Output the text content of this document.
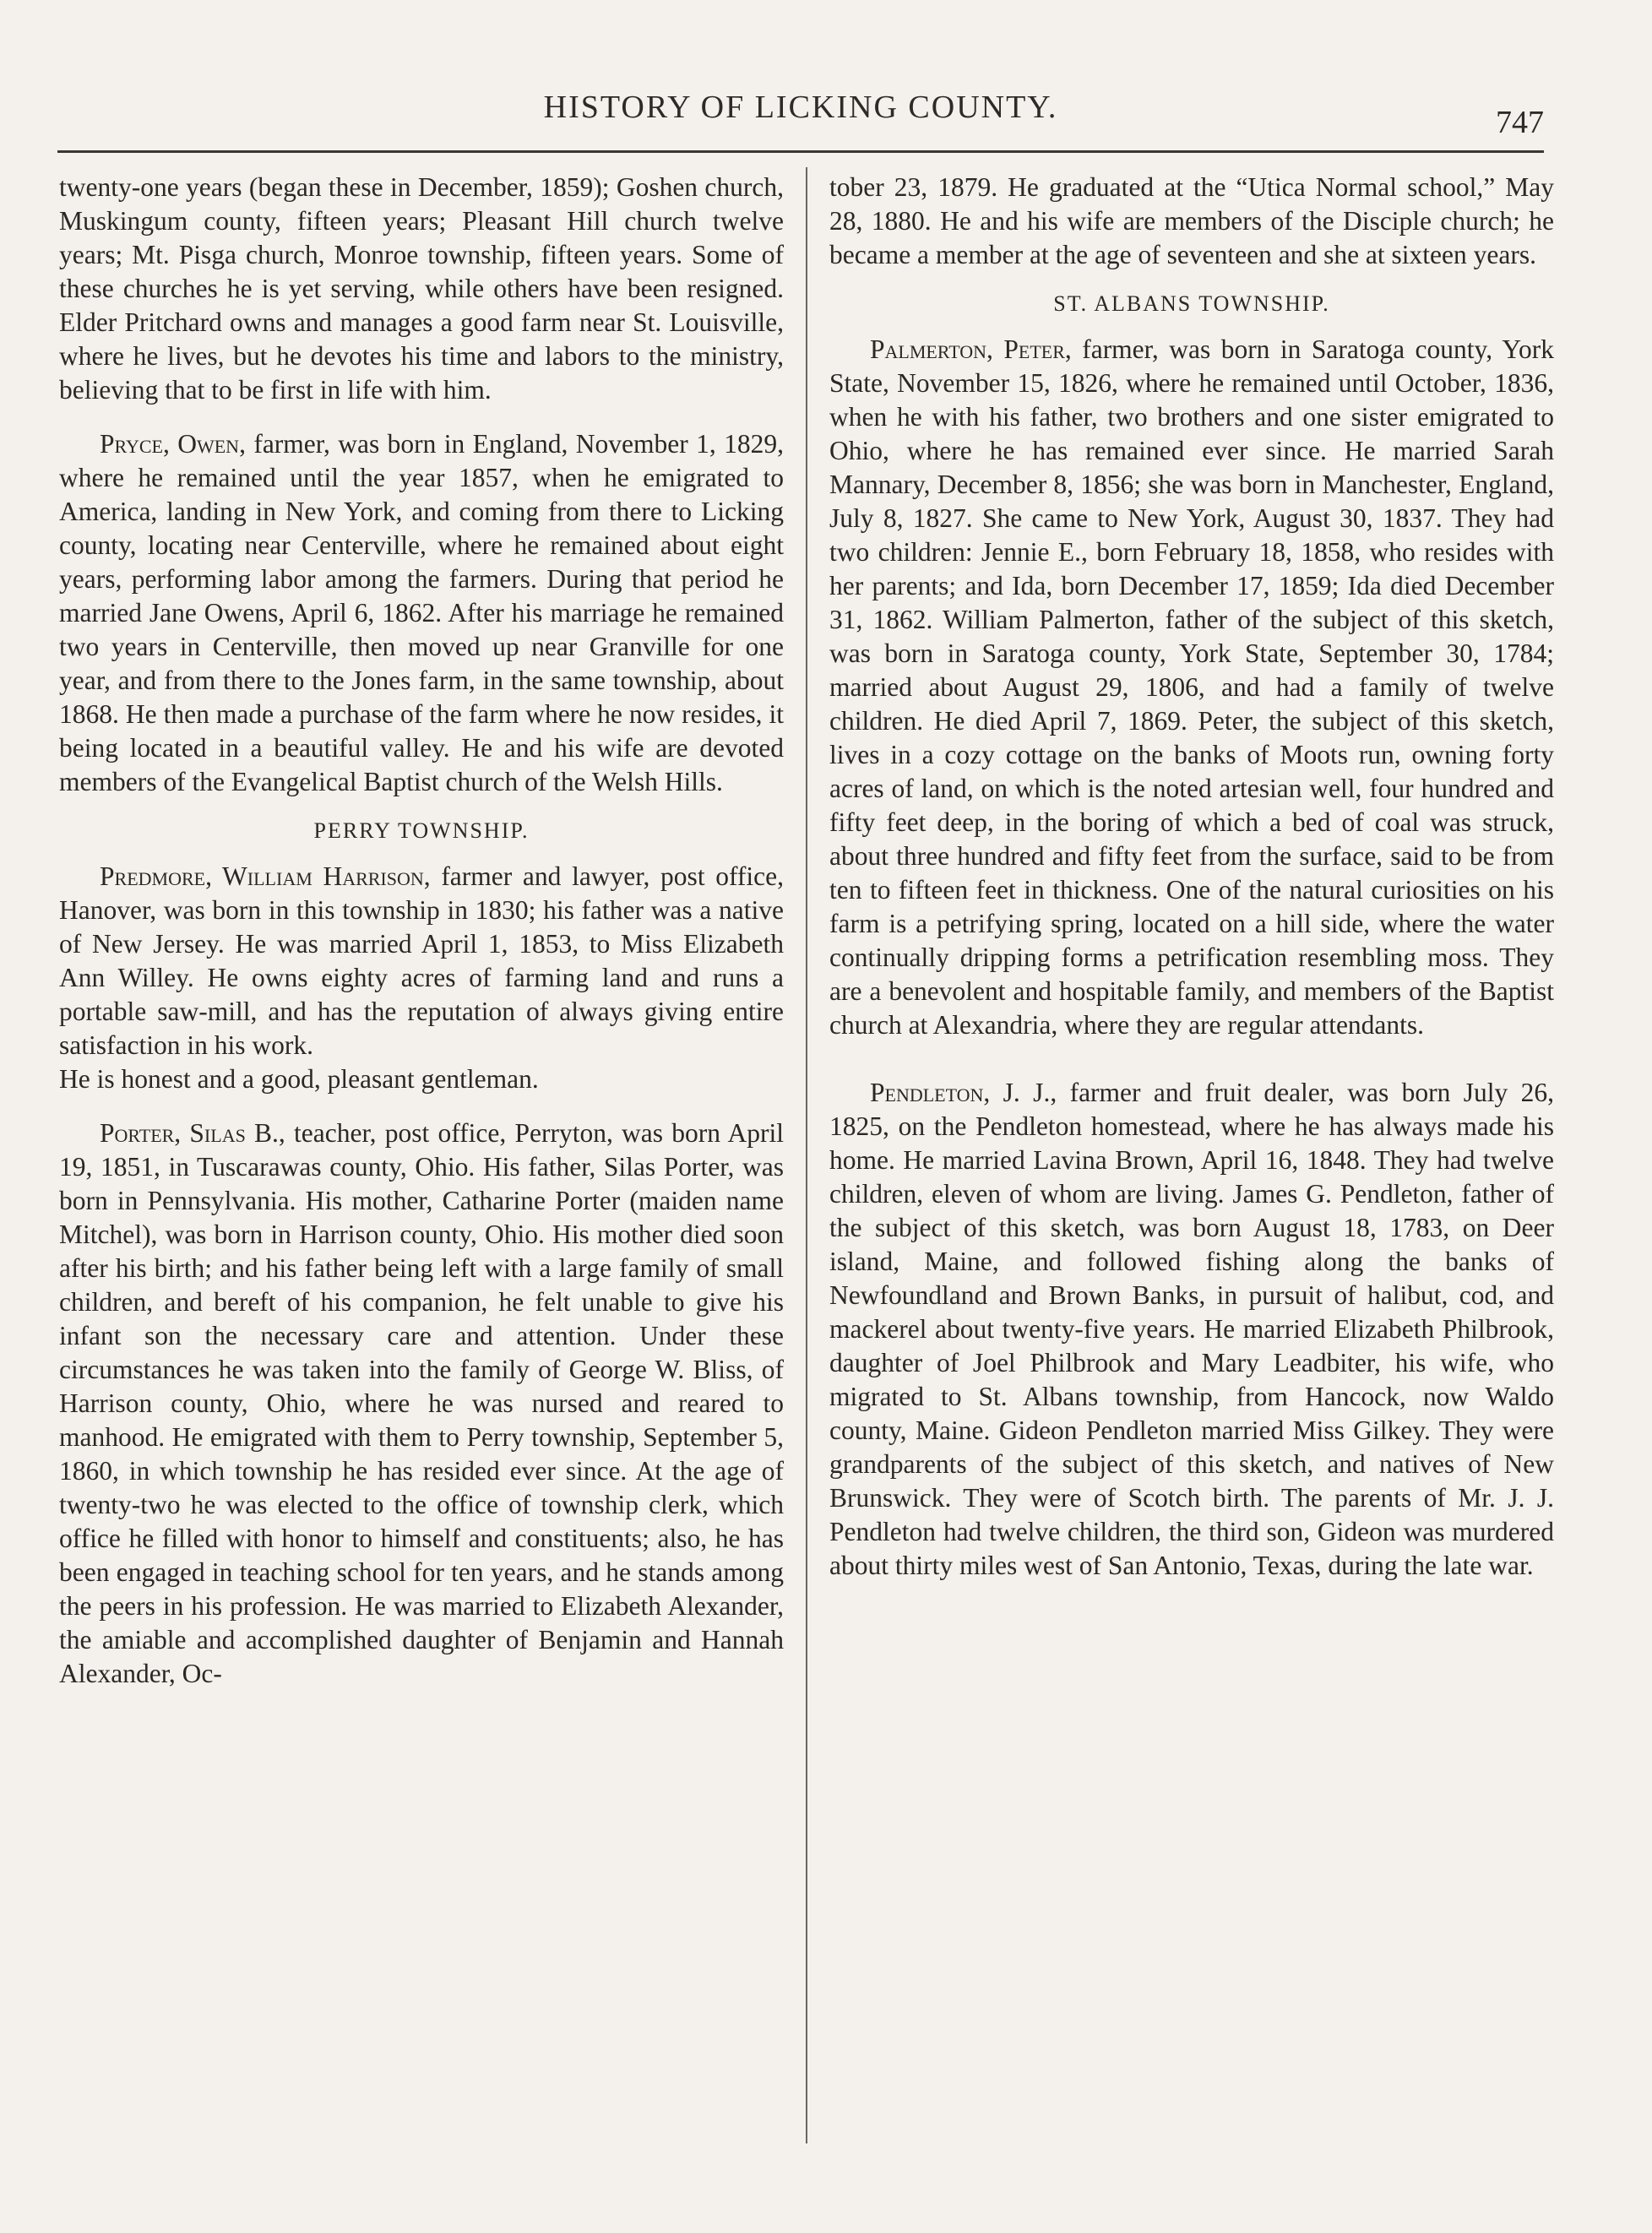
HISTORY OF LICKING COUNTY.	747

twenty-one years (began these in December, 1859); Goshen church, Muskingum county, fifteen years; Pleasant Hill church twelve years; Mt. Pisga church, Monroe township, fifteen years. Some of these churches he is yet serving, while others have been resigned. Elder Pritchard owns and manages a good farm near St. Louisville, where he lives, but he devotes his time and labors to the ministry, believing that to be first in life with him.

Pryce, Owen, farmer, was born in England, November 1, 1829, where he remained until the year 1857, when he emigrated to America, landing in New York, and coming from there to Licking county, locating near Centerville, where he remained about eight years, performing labor among the farmers. During that period he married Jane Owens, April 6, 1862. After his marriage he remained two years in Centerville, then moved up near Granville for one year, and from there to the Jones farm, in the same township, about 1868. He then made a purchase of the farm where he now resides, it being located in a beautiful valley. He and his wife are devoted members of the Evangelical Baptist church of the Welsh Hills.

PERRY TOWNSHIP.

Predmore, William Harrison, farmer and lawyer, post office, Hanover, was born in this township in 1830; his father was a native of New Jersey. He was married April 1, 1853, to Miss Elizabeth Ann Willey. He owns eighty acres of farming land and runs a portable saw-mill, and has the reputation of always giving entire satisfaction in his work.

He is honest and a good, pleasant gentleman.

Porter, Silas B., teacher, post office, Perryton, was born April 19, 1851, in Tuscarawas county, Ohio. His father, Silas Porter, was born in Pennsylvania. His mother, Catharine Porter (maiden name Mitchel), was born in Harrison county, Ohio. His mother died soon after his birth; and his father being left with a large family of small children, and bereft of his companion, he felt unable to give his infant son the necessary care and attention. Under these circumstances he was taken into the family of George W. Bliss, of Harrison county, Ohio, where he was nursed and reared to manhood. He emigrated with them to Perry township, September 5, 1860, in which township he has resided ever since. At the age of twenty-two he was elected to the office of township clerk, which office he filled with honor to himself and constituents; also, he has been engaged in teaching school for ten years, and he stands among the peers in his profession. He was married to Elizabeth Alexander, the amiable and accomplished daughter of Benjamin and Hannah Alexander, Oc-

tober 23, 1879. He graduated at the “Utica Normal school,” May 28, 1880. He and his wife are members of the Disciple church; he became a member at the age of seventeen and she at sixteen years.

ST. ALBANS TOWNSHIP.

Palmerton, Peter, farmer, was born in Saratoga county, York State, November 15, 1826, where he remained until October, 1836, when he with his father, two brothers and one sister emigrated to Ohio, where he has remained ever since. He married Sarah Mannary, December 8, 1856; she was born in Manchester, England, July 8, 1827. She came to New York, August 30, 1837. They had two children: Jennie E., born February 18, 1858, who resides with her parents; and Ida, born December 17, 1859; Ida died December 31, 1862. William Palmerton, father of the subject of this sketch, was born in Saratoga county, York State, September 30, 1784; married about August 29, 1806, and had a family of twelve children. He died April 7, 1869. Peter, the subject of this sketch, lives in a cozy cottage on the banks of Moots run, owning forty acres of land, on which is the noted artesian well, four hundred and fifty feet deep, in the boring of which a bed of coal was struck, about three hundred and fifty feet from the surface, said to be from ten to fifteen feet in thickness. One of the natural curiosities on his farm is a petrifying spring, located on a hill side, where the water continually dripping forms a petrification resembling moss. They are a benevolent and hospitable family, and members of the Baptist church at Alexandria, where they are regular attendants.

Pendleton, J. J., farmer and fruit dealer, was born July 26, 1825, on the Pendleton homestead, where he has always made his home. He married Lavina Brown, April 16, 1848. They had twelve children, eleven of whom are living. James G. Pendleton, father of the subject of this sketch, was born August 18, 1783, on Deer island, Maine, and followed fishing along the banks of Newfoundland and Brown Banks, in pursuit of halibut, cod, and mackerel about twenty-five years. He married Elizabeth Philbrook, daughter of Joel Philbrook and Mary Leadbiter, his wife, who migrated to St. Albans township, from Hancock, now Waldo county, Maine. Gideon Pendleton married Miss Gilkey. They were grandparents of the subject of this sketch, and natives of New Brunswick. They were of Scotch birth. The parents of Mr. J. J. Pendleton had twelve children, the third son, Gideon was murdered about thirty miles west of San Antonio, Texas, during the late war.
